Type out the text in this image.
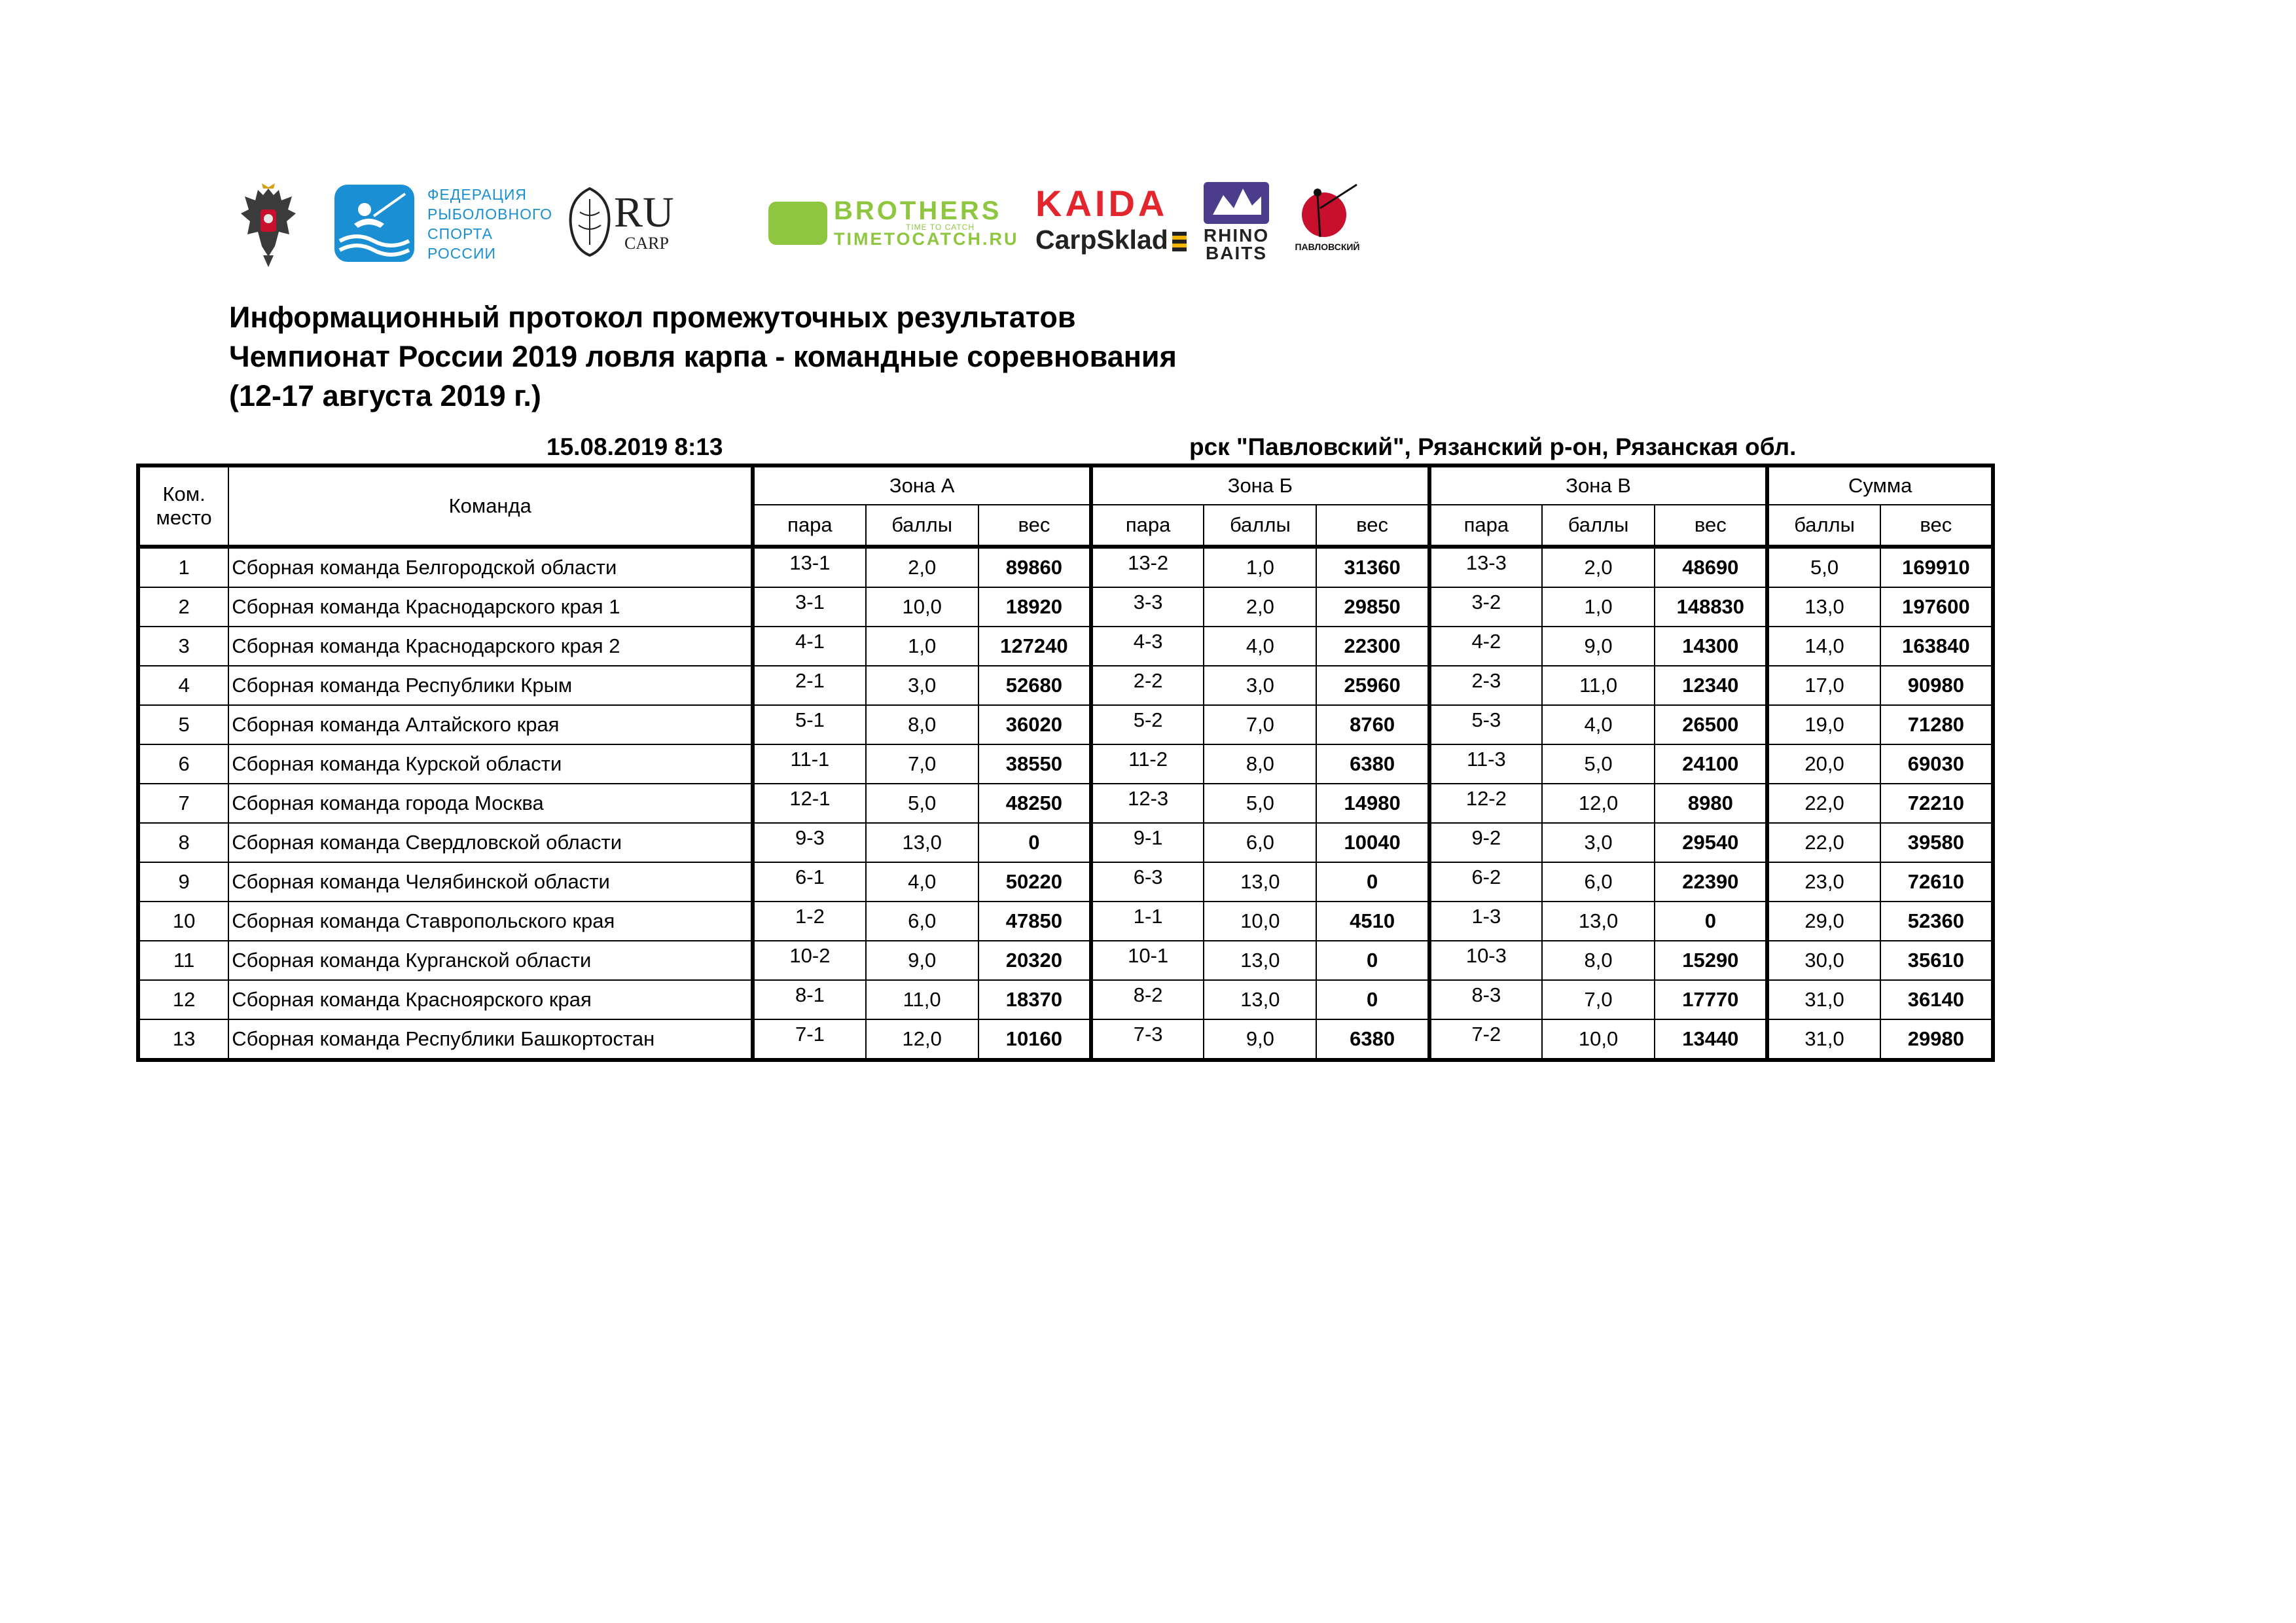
ФЕДЕРАЦИЯ
РЫБОЛОВНОГО
СПОРТА
РОССИИ
RU
CARP
BROTHERS
TIME TO CATCH
TIMETOCATCH.RU
KAIDA
CarpSklad	RHINO
BAITS	ПАВЛОВСКИЙ
Информационный протокол промежуточных результатов
Чемпионат России 2019 ловля карпа - командные соревнования
(12-17 августа 2019 г.)
15.08.2019 8:13	рск "Павловский", Рязанский р-он, Рязанская обл.
Ком.
место	Команда	Зона А			Зона Б			Зона В			Сумма	
		пара	баллы	вес	пара	баллы	вес	пара	баллы	вес	баллы	вес
1	Сборная команда Белгородской области	13-1	2,0	89860	13-2	1,0	31360	13-3	2,0	48690	5,0	169910
2	Сборная команда Краснодарского края 1	3-1	10,0	18920	3-3	2,0	29850	3-2	1,0	148830	13,0	197600
3	Сборная команда Краснодарского края 2	4-1	1,0	127240	4-3	4,0	22300	4-2	9,0	14300	14,0	163840
4	Сборная команда Республики Крым	2-1	3,0	52680	2-2	3,0	25960	2-3	11,0	12340	17,0	90980
5	Сборная команда Алтайского края	5-1	8,0	36020	5-2	7,0	8760	5-3	4,0	26500	19,0	71280
6	Сборная команда Курской области	11-1	7,0	38550	11-2	8,0	6380	11-3	5,0	24100	20,0	69030
7	Сборная команда города Москва	12-1	5,0	48250	12-3	5,0	14980	12-2	12,0	8980	22,0	72210
8	Сборная команда Свердловской области	9-3	13,0	0	9-1	6,0	10040	9-2	3,0	29540	22,0	39580
9	Сборная команда Челябинской области	6-1	4,0	50220	6-3	13,0	0	6-2	6,0	22390	23,0	72610
10	Сборная команда Ставропольского края	1-2	6,0	47850	1-1	10,0	4510	1-3	13,0	0	29,0	52360
11	Сборная команда Курганской области	10-2	9,0	20320	10-1	13,0	0	10-3	8,0	15290	30,0	35610
12	Сборная команда Красноярского края	8-1	11,0	18370	8-2	13,0	0	8-3	7,0	17770	31,0	36140
13	Сборная команда Республики Башкортостан	7-1	12,0	10160	7-3	9,0	6380	7-2	10,0	13440	31,0	29980
